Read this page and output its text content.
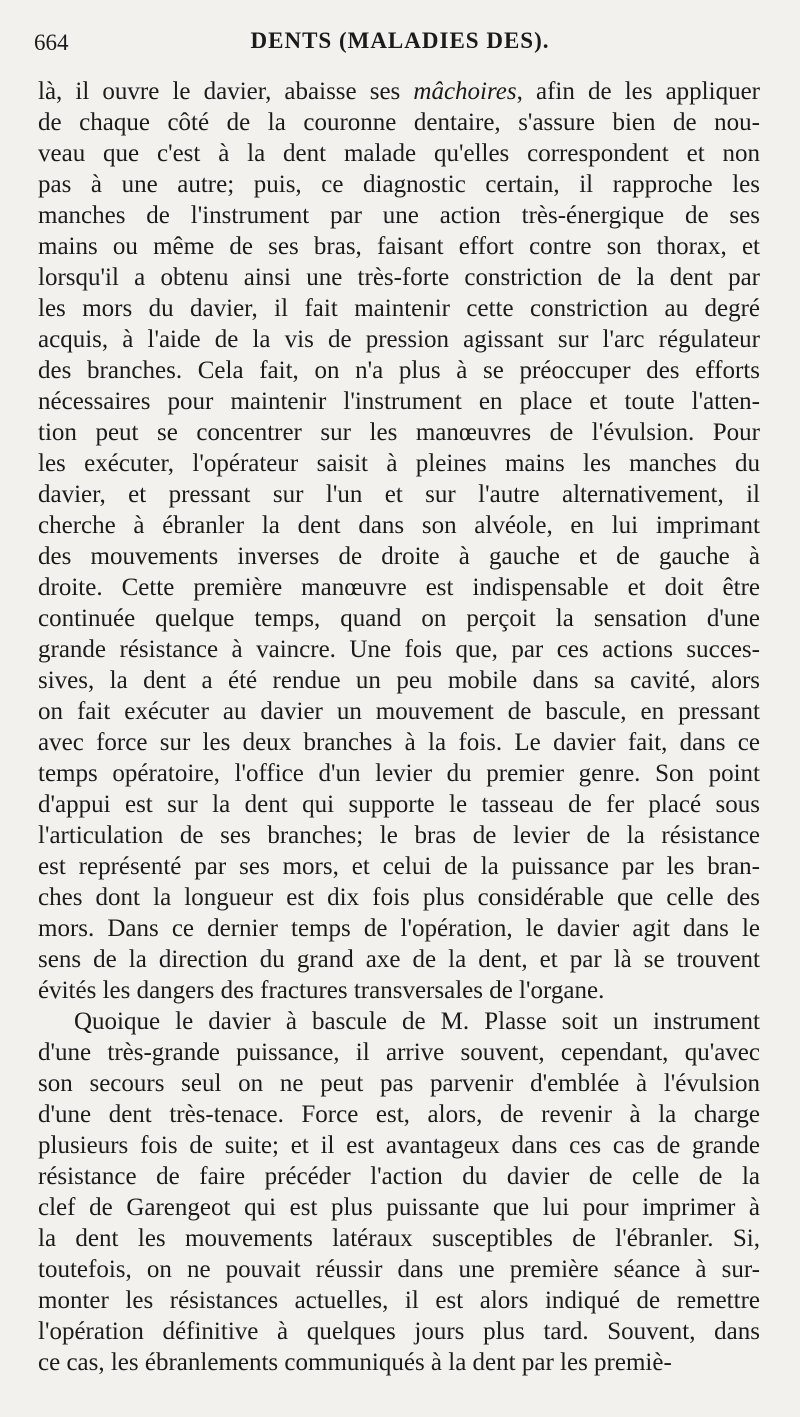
664	DENTS (MALADIES DES).
là, il ouvre le davier, abaisse ses mâchoires, afin de les appliquer
de chaque côté de la couronne dentaire, s'assure bien de nou-
veau que c'est à la dent malade qu'elles correspondent et non
pas à une autre; puis, ce diagnostic certain, il rapproche les
manches de l'instrument par une action très-énergique de ses
mains ou même de ses bras, faisant effort contre son thorax, et
lorsqu'il a obtenu ainsi une très-forte constriction de la dent par
les mors du davier, il fait maintenir cette constriction au degré
acquis, à l'aide de la vis de pression agissant sur l'arc régulateur
des branches. Cela fait, on n'a plus à se préoccuper des efforts
nécessaires pour maintenir l'instrument en place et toute l'atten-
tion peut se concentrer sur les manœuvres de l'évulsion. Pour
les exécuter, l'opérateur saisit à pleines mains les manches du
davier, et pressant sur l'un et sur l'autre alternativement, il
cherche à ébranler la dent dans son alvéole, en lui imprimant
des mouvements inverses de droite à gauche et de gauche à
droite. Cette première manœuvre est indispensable et doit être
continuée quelque temps, quand on perçoit la sensation d'une
grande résistance à vaincre. Une fois que, par ces actions succes-
sives, la dent a été rendue un peu mobile dans sa cavité, alors
on fait exécuter au davier un mouvement de bascule, en pressant
avec force sur les deux branches à la fois. Le davier fait, dans ce
temps opératoire, l'office d'un levier du premier genre. Son point
d'appui est sur la dent qui supporte le tasseau de fer placé sous
l'articulation de ses branches; le bras de levier de la résistance
est représenté par ses mors, et celui de la puissance par les bran-
ches dont la longueur est dix fois plus considérable que celle des
mors. Dans ce dernier temps de l'opération, le davier agit dans le
sens de la direction du grand axe de la dent, et par là se trouvent
évités les dangers des fractures transversales de l'organe.
Quoique le davier à bascule de M. Plasse soit un instrument
d'une très-grande puissance, il arrive souvent, cependant, qu'avec
son secours seul on ne peut pas parvenir d'emblée à l'évulsion
d'une dent très-tenace. Force est, alors, de revenir à la charge
plusieurs fois de suite; et il est avantageux dans ces cas de grande
résistance de faire précéder l'action du davier de celle de la
clef de Garengeot qui est plus puissante que lui pour imprimer à
la dent les mouvements latéraux susceptibles de l'ébranler. Si,
toutefois, on ne pouvait réussir dans une première séance à sur-
monter les résistances actuelles, il est alors indiqué de remettre
l'opération définitive à quelques jours plus tard. Souvent, dans
ce cas, les ébranlements communiqués à la dent par les premiè-
